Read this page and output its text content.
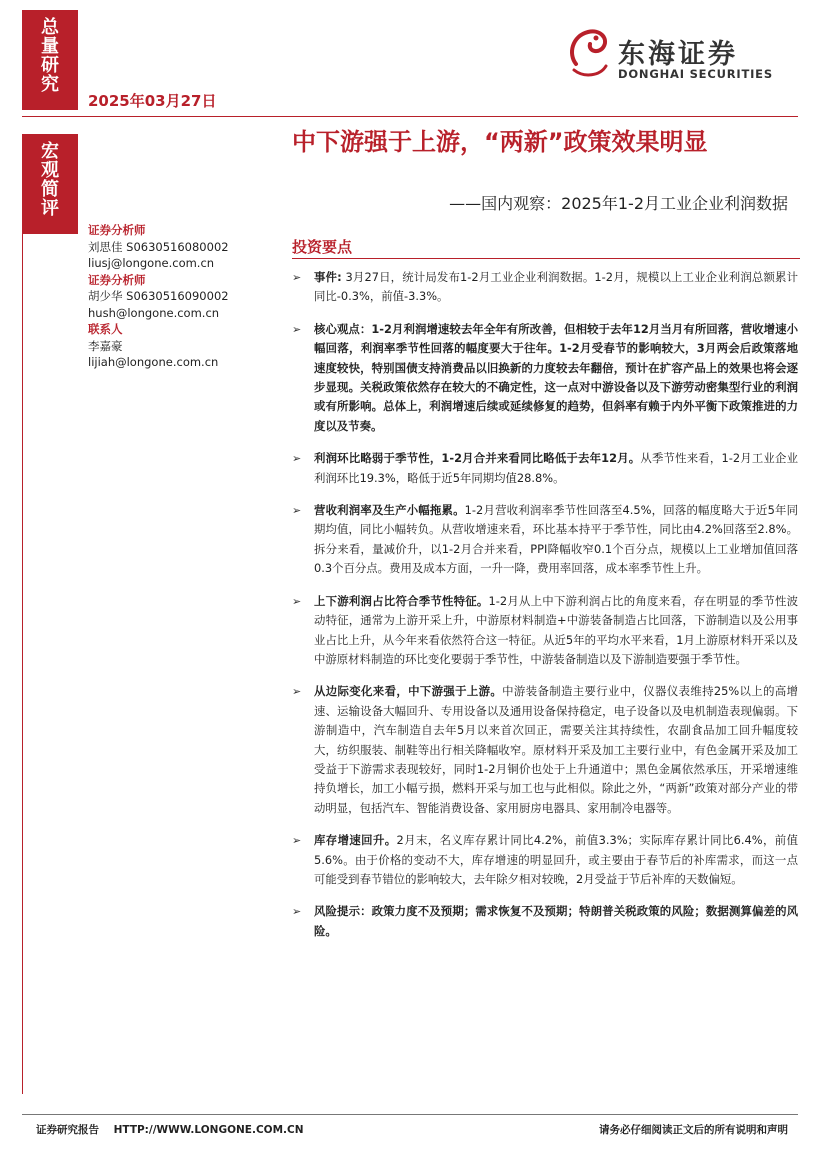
总
量
研
究
宏
观
简
评
2025年03月27日
东海证券
DONGHAI SECURITIES
中下游强于上游，“两新”政策效果明显
——国内观察：2025年1-2月工业企业利润数据
证券分析师
刘思佳 S0630516080002
liusj@longone.com.cn
证券分析师
胡少华 S0630516090002
hush@longone.com.cn
联系人
李嘉豪
lijiah@longone.com.cn
投资要点
➢	事件: 3月27日，统计局发布1-2月工业企业利润数据。1-2月，规模以上工业企业利润总额累计同比-0.3%，前值-3.3%。
➢	核心观点：1-2月利润增速较去年全年有所改善，但相较于去年12月当月有所回落，营收增速小幅回落，利润率季节性回落的幅度要大于往年。1-2月受春节的影响较大，3月两会后政策落地速度较快，特别国债支持消费品以旧换新的力度较去年翻倍，预计在扩容产品上的效果也将会逐步显现。关税政策依然存在较大的不确定性，这一点对中游设备以及下游劳动密集型行业的利润或有所影响。总体上，利润增速后续或延续修复的趋势，但斜率有赖于内外平衡下政策推进的力度以及节奏。
➢	利润环比略弱于季节性，1-2月合并来看同比略低于去年12月。从季节性来看，1-2月工业企业利润环比19.3%，略低于近5年同期均值28.8%。
➢	营收利润率及生产小幅拖累。1-2月营收利润率季节性回落至4.5%，回落的幅度略大于近5年同期均值，同比小幅转负。从营收增速来看，环比基本持平于季节性，同比由4.2%回落至2.8%。拆分来看，量减价升，以1-2月合并来看，PPI降幅收窄0.1个百分点，规模以上工业增加值回落0.3个百分点。费用及成本方面，一升一降，费用率回落，成本率季节性上升。
➢	上下游利润占比符合季节性特征。1-2月从上中下游利润占比的角度来看，存在明显的季节性波动特征，通常为上游开采上升，中游原材料制造+中游装备制造占比回落，下游制造以及公用事业占比上升，从今年来看依然符合这一特征。从近5年的平均水平来看，1月上游原材料开采以及中游原材料制造的环比变化要弱于季节性，中游装备制造以及下游制造要强于季节性。
➢	从边际变化来看，中下游强于上游。中游装备制造主要行业中，仪器仪表维持25%以上的高增速、运输设备大幅回升、专用设备以及通用设备保持稳定，电子设备以及电机制造表现偏弱。下游制造中，汽车制造自去年5月以来首次回正，需要关注其持续性，农副食品加工回升幅度较大，纺织服装、制鞋等出行相关降幅收窄。原材料开采及加工主要行业中，有色金属开采及加工受益于下游需求表现较好，同时1-2月铜价也处于上升通道中；黑色金属依然承压，开采增速维持负增长，加工小幅亏损，燃料开采与加工也与此相似。除此之外，“两新”政策对部分产业的带动明显，包括汽车、智能消费设备、家用厨房电器具、家用制冷电器等。
➢	库存增速回升。2月末，名义库存累计同比4.2%，前值3.3%；实际库存累计同比6.4%，前值5.6%。由于价格的变动不大，库存增速的明显回升，或主要由于春节后的补库需求，而这一点可能受到春节错位的影响较大，去年除夕相对较晚，2月受益于节后补库的天数偏短。
➢	风险提示：政策力度不及预期；需求恢复不及预期；特朗普关税政策的风险；数据测算偏差的风险。
证券研究报告    HTTP://WWW.LONGONE.COM.CN	请务必仔细阅读正文后的所有说明和声明
